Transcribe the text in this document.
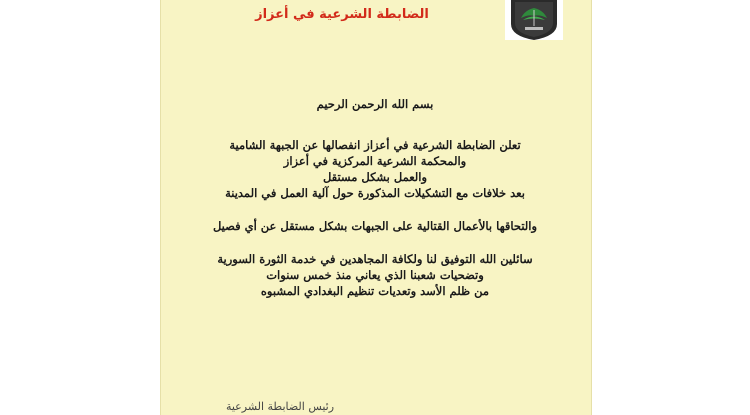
الضابطة الشرعية في أعزاز
بسم الله الرحمن الرحيم
تعلن الضابطة الشرعية في أعزاز انفصالها عن الجبهة الشامية
والمحكمة الشرعية المركزية في أعزاز
والعمل بشكل مستقل
بعد خلافات مع التشكيلات المذكورة حول آلية العمل في المدينة
والتحاقها بالأعمال القتالية على الجبهات بشكل مستقل عن أي فصيل
سائلين الله التوفيق لنا ولكافة المجاهدين في خدمة الثورة السورية
وتضحيات شعبنا الذي يعاني منذ خمس سنوات
من ظلم الأسد وتعديات تنظيم البغدادي المشبوه
رئيس الضابطة الشرعية
